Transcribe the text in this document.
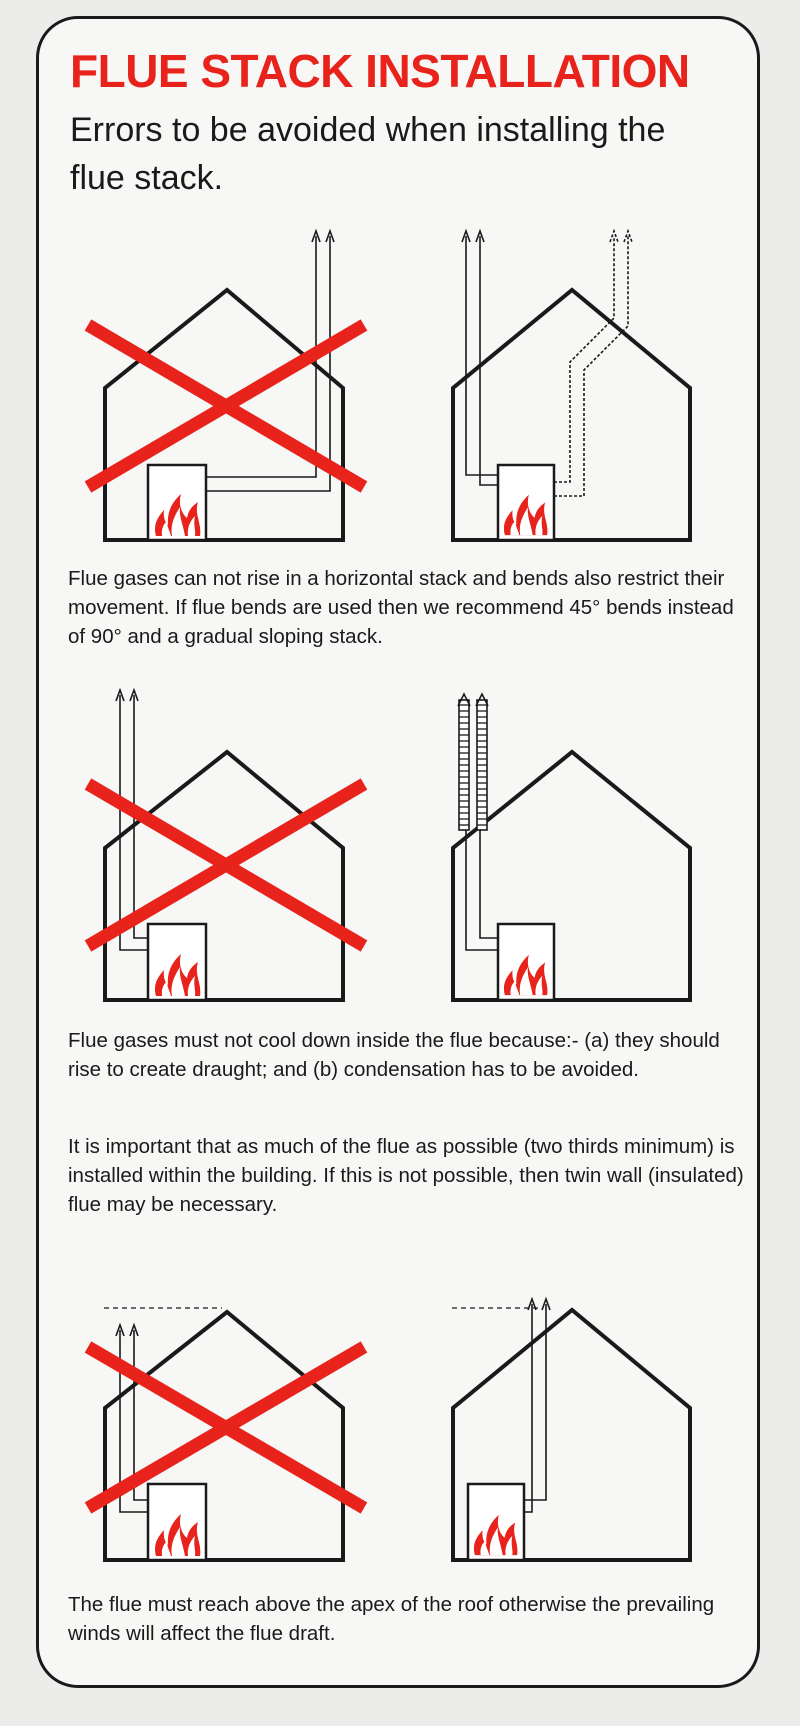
FLUE STACK INSTALLATION

Errors to be avoided when installing the flue stack.

Flue gases can not rise in a horizontal stack and bends also restrict their movement. If flue bends are used then we recommend 45° bends instead of 90° and a gradual sloping stack.

Flue gases must not cool down inside the flue because:- (a) they should rise to create draught; and (b) condensation has to be avoided.

It is important that as much of the flue as possible (two thirds minimum) is installed within the building. If this is not possible, then twin wall (insulated) flue may be necessary.

The flue must reach above the apex of the roof otherwise the prevailing winds will affect the flue draft.
